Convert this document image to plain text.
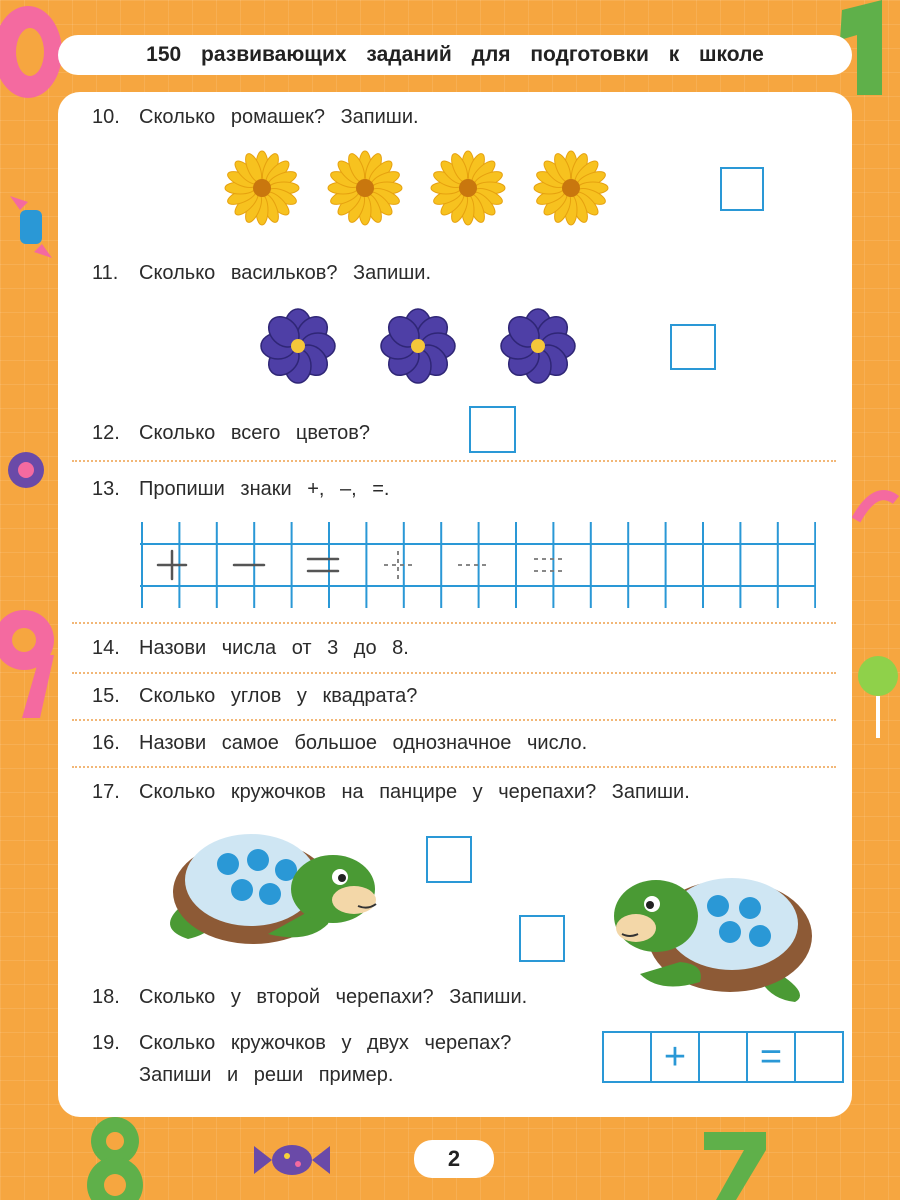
150 развивающих заданий для подготовки к школе
10. Сколько ромашек? Запиши.
11. Сколько васильков? Запиши.
12. Сколько всего цветов?
13. Пропиши знаки +, –, =.
14. Назови числа от 3 до 8.
15. Сколько углов у квадрата?
16. Назови самое большое однозначное число.
17. Сколько кружочков на панцире у черепахи? Запиши.
18. Сколько у второй черепахи? Запиши.
19. Сколько кружочков у двух черепах?
Запиши и реши пример.	+	=
2
